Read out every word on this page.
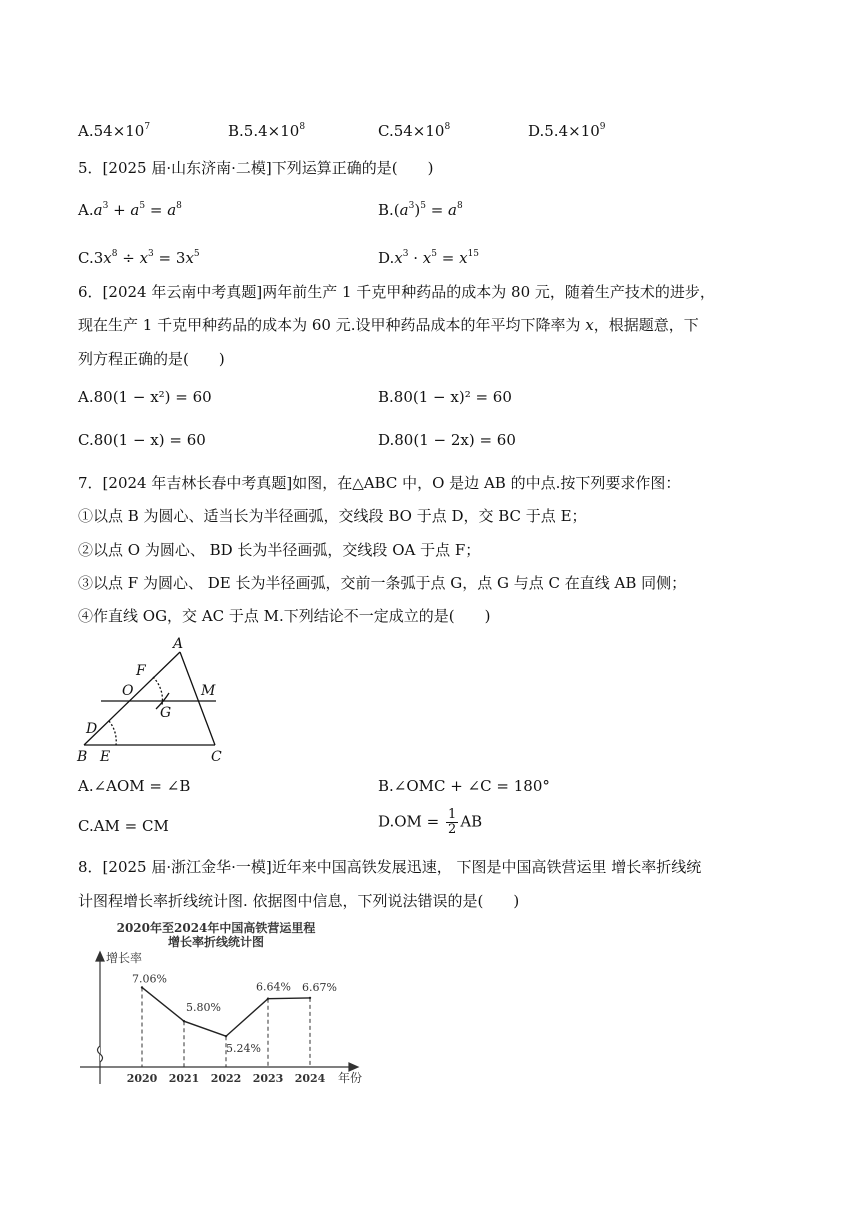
$A.54\times 10^7$	$B.5.4\times 10^8$	$C.54\times 10^8$	$D.5.4\times 10^9$
5．[2025 届·山东济南·二模]下列运算正确的是(　　)
$A.a^3 + a^5 = a^8$	$B.(a^3)^5 = a^8$
$C.3x^8 \div x^3 = 3x^5$	$D.x^3 \cdot x^5 = x^{15}$
6．[2024 年云南中考真题]两年前生产 1 千克甲种药品的成本为 80 元，随着生产技术的进步，
现在生产 1 千克甲种药品的成本为 60 元.设甲种药品成本的年平均下降率为 x，根据题意，下
列方程正确的是(　　)
A.80(1 − x²) = 60	B.80(1 − x)² = 60
C.80(1 − x) = 60	D.80(1 − 2x) = 60
7．[2024 年吉林长春中考真题]如图，在△ABC 中，O 是边 AB 的中点.按下列要求作图：
①以点 B 为圆心、适当长为半径画弧，交线段 BO 于点 D，交 BC 于点 E；
②以点 O 为圆心、 BD 长为半径画弧，交线段 OA 于点 F；
③以点 F 为圆心、 DE 长为半径画弧，交前一条弧于点 G，点 G 与点 C 在直线 AB 同侧；
④作直线 OG，交 AC 于点 M.下列结论不一定成立的是(　　)
A
F
O	M
G
D
B E	C
A.∠AOM = ∠B	B.∠OMC + ∠C = 180°
C.AM = CM	$D.OM = \frac{1}{2}$ AB
8．[2025 届·浙江金华·一模]近年来中国高铁发展迅速， 下图是中国高铁营运里 增长率折线统
计图程增长率折线统计图. 依据图中信息，下列说法错误的是(　　)
2020年至2024年中国高铁营运里程
增长率折线统计图
增长率
年份
7.06%
2020
5.80%
2021
5.24%
2022
6.64%
2023
6.67%
2024
